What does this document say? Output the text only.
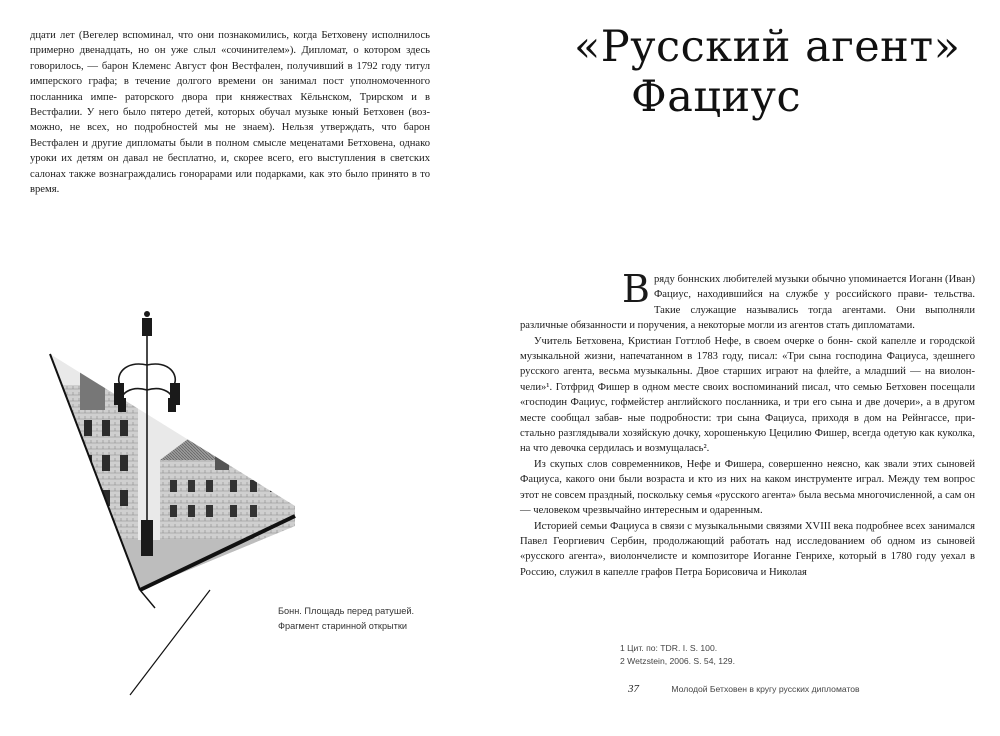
дцати лет (Вегелер вспоминал, что они познакомились, когда Бетховену исполнилось примерно двенадцать, но он уже слыл «сочинителем»). Дипломат, о котором здесь говорилось, — барон Клеменс Август фон Вестфален, получивший в 1792 году титул имперского графа; в течение долгого времени он занимал пост уполномоченного посланника импе- раторского двора при княжествах Кёльнском, Трирском и в Вестфалии. У него было пятеро детей, которых обучал музыке юный Бетховен (воз- можно, не всех, но подробностей мы не знаем). Нельзя утверждать, что барон Вестфален и другие дипломаты были в полном смысле меценатами Бетховена, однако уроки их детям он давал не бесплатно, и, скорее всего, его выступления в светских салонах также вознаграждались гонорарами или подарками, как это было принято в то время.

Бонн. Площадь перед ратушей.
Фрагмент старинной открытки
«Русский агент»
Фациус

Вряду боннских любителей музыки обычно упоминается Иоганн (Иван) Фациус, находившийся на службе у российского прави- тельства. Такие служащие назывались тогда агентами. Они выполняли различные обязанности и поручения, а некоторые могли из агентов стать дипломатами.

Учитель Бетховена, Кристиан Готтлоб Нефе, в своем очерке о бонн- ской капелле и городской музыкальной жизни, напечатанном в 1783 году, писал: «Три сына господина Фациуса, здешнего русского агента, весьма музыкальны. Двое старших играют на флейте, а младший — на виолон- чели»¹. Готфрид Фишер в одном месте своих воспоминаний писал, что семью Бетховен посещали «господин Фациус, гофмейстер английского посланника, и три его сына и две дочери», а в другом месте сообщал забав- ные подробности: три сына Фациуса, приходя в дом на Рейнгассе, при- стально разглядывали хозяйскую дочку, хорошенькую Цецилию Фишер, всегда одетую как куколка, на что девочка сердилась и возмущалась².

Из скупых слов современников, Нефе и Фишера, совершенно неясно, как звали этих сыновей Фациуса, какого они были возраста и кто из них на каком инструменте играл. Между тем вопрос этот не совсем праздный, поскольку семья «русского агента» была весьма многочисленной, а сам он — человеком чрезвычайно интересным и одаренным.

Историей семьи Фациуса в связи с музыкальными связями XVIII века подробнее всех занимался Павел Георгиевич Сербин, продолжающий работать над исследованием об одном из сыновей «русского агента», виолончелисте и композиторе Иоганне Генрихе, который в 1780 году уехал в Россию, служил в капелле графов Петра Борисовича и Николая

1 Цит. по: TDR. I. S. 100.
2 Wetzstein, 2006. S. 54, 129.
37	Молодой Бетховен в кругу русских дипломатов
